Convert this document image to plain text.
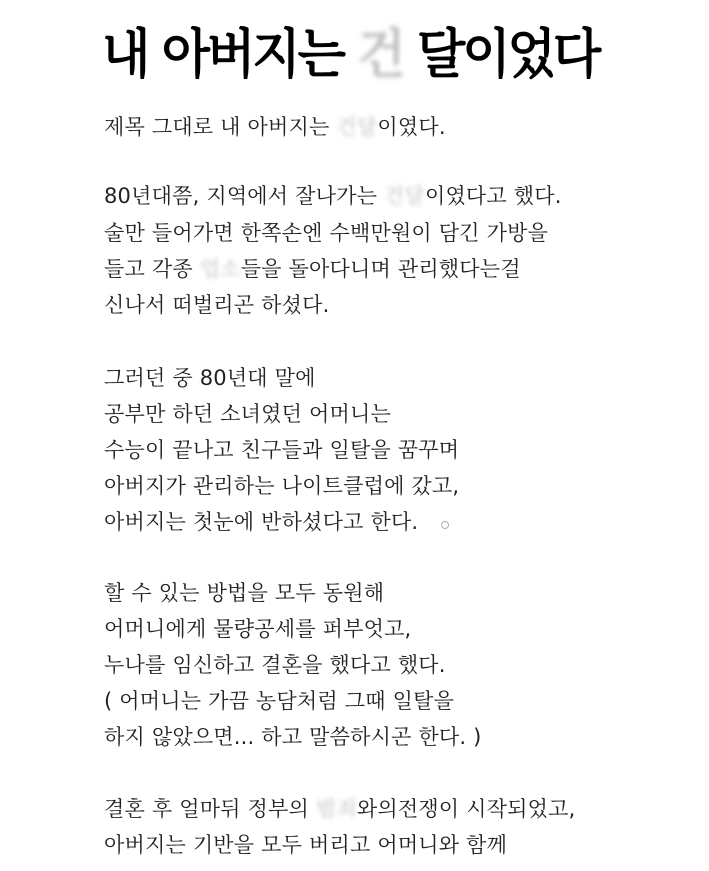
내 아버지는 건 달이었다

제목 그대로 내 아버지는 건달이였다.

80년대쯤, 지역에서 잘나가는 건달이였다고 했다.

술만 들어가면 한쪽손엔 수백만원이 담긴 가방을

들고 각종 업소들을 돌아다니며 관리했다는걸

신나서 떠벌리곤 하셨다.

그러던 중 80년대 말에

공부만 하던 소녀였던 어머니는

수능이 끝나고 친구들과 일탈을 꿈꾸며

아버지가 관리하는 나이트클럽에 갔고,

아버지는 첫눈에 반하셨다고 한다.

할 수 있는 방법을 모두 동원해

어머니에게 물량공세를 퍼부엇고,

누나를 임신하고 결혼을 했다고 했다.

( 어머니는 가끔 농담처럼 그때 일탈을

하지 않았으면... 하고 말씀하시곤 한다. )

결혼 후 얼마뒤 정부의 범죄와의전쟁이 시작되었고,

아버지는 기반을 모두 버리고 어머니와 함께
